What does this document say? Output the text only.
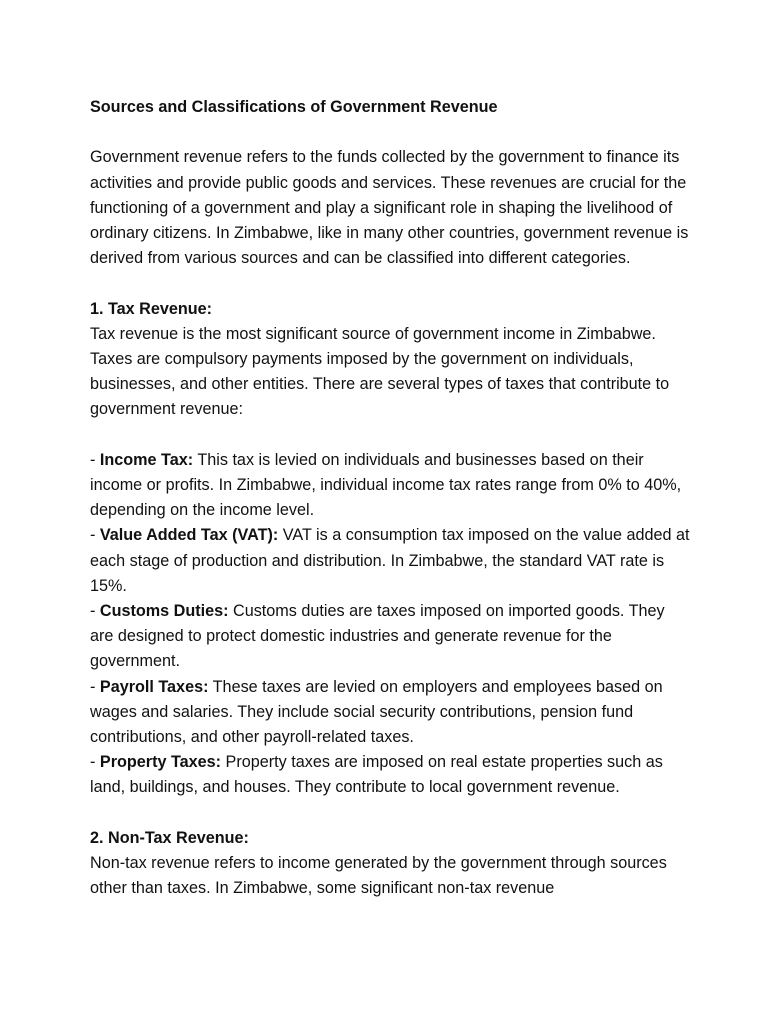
Sources and Classifications of Government Revenue

Government revenue refers to the funds collected by the government to finance its activities and provide public goods and services. These revenues are crucial for the functioning of a government and play a significant role in shaping the livelihood of ordinary citizens. In Zimbabwe, like in many other countries, government revenue is derived from various sources and can be classified into different categories.

1. Tax Revenue:

Tax revenue is the most significant source of government income in Zimbabwe. Taxes are compulsory payments imposed by the government on individuals, businesses, and other entities. There are several types of taxes that contribute to government revenue:

- Income Tax: This tax is levied on individuals and businesses based on their income or profits. In Zimbabwe, individual income tax rates range from 0% to 40%, depending on the income level.

- Value Added Tax (VAT): VAT is a consumption tax imposed on the value added at each stage of production and distribution. In Zimbabwe, the standard VAT rate is 15%.

- Customs Duties: Customs duties are taxes imposed on imported goods. They are designed to protect domestic industries and generate revenue for the government.

- Payroll Taxes: These taxes are levied on employers and employees based on wages and salaries. They include social security contributions, pension fund contributions, and other payroll-related taxes.

- Property Taxes: Property taxes are imposed on real estate properties such as land, buildings, and houses. They contribute to local government revenue.

2. Non-Tax Revenue:

Non-tax revenue refers to income generated by the government through sources other than taxes. In Zimbabwe, some significant non-tax revenue
